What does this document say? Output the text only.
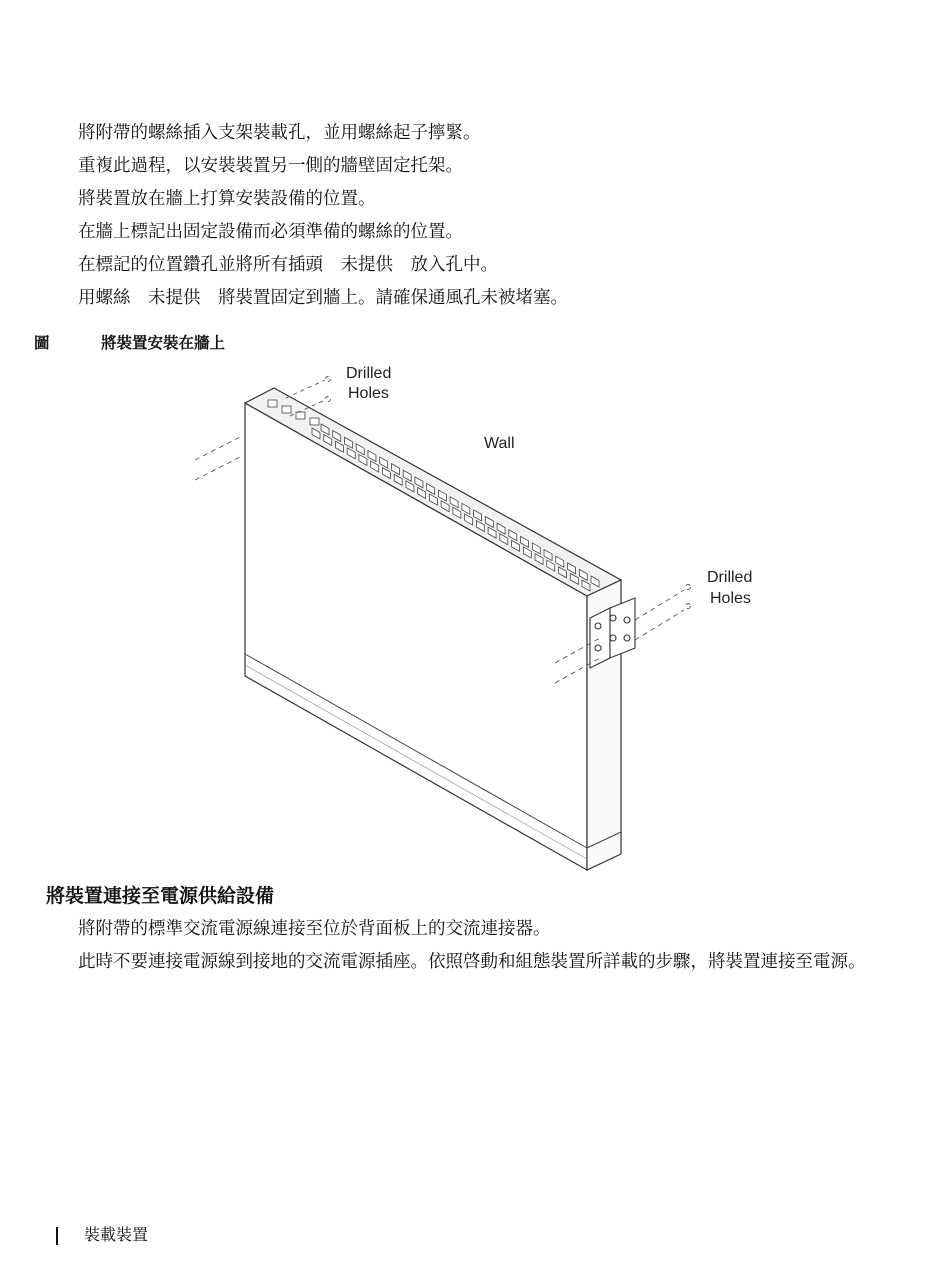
將附帶的螺絲插入支架裝載孔，並用螺絲起子擰緊。
重複此過程，以安裝裝置另一側的牆壁固定托架。
將裝置放在牆上打算安裝設備的位置。
在牆上標記出固定設備而必須準備的螺絲的位置。
在標記的位置鑽孔並將所有插頭　未提供　放入孔中。
用螺絲　未提供　將裝置固定到牆上。請確保通風孔未被堵塞。
圖	將裝置安裝在牆上
Drilled
Holes
Wall
Drilled
Holes
將裝置連接至電源供給設備

將附帶的標準交流電源線連接至位於背面板上的交流連接器。

此時不要連接電源線到接地的交流電源插座。依照啓動和組態裝置所詳載的步驟，將裝置連接至電源。

裝載裝置
